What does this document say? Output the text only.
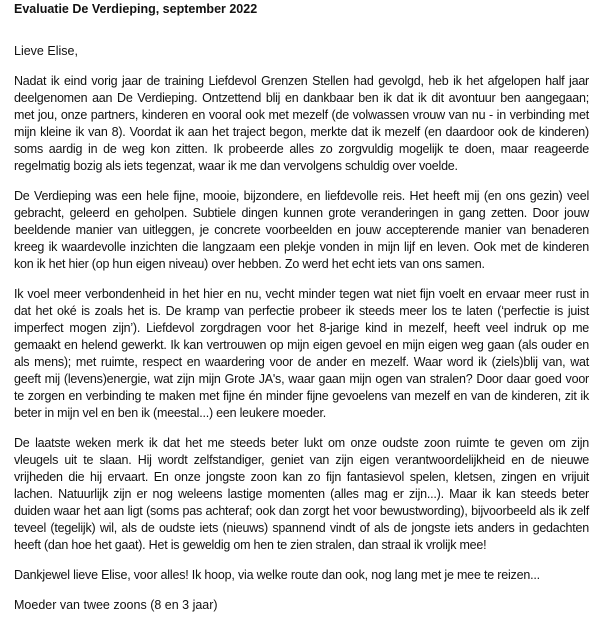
Evaluatie De Verdieping, september 2022
Lieve Elise,

Nadat ik eind vorig jaar de training Liefdevol Grenzen Stellen had gevolgd, heb ik het afgelopen half jaar deelgenomen aan De Verdieping. Ontzettend blij en dankbaar ben ik dat ik dit avontuur ben aangegaan; met jou, onze partners, kinderen en vooral ook met mezelf (de volwassen vrouw van nu - in verbinding met mijn kleine ik van 8). Voordat ik aan het traject begon, merkte dat ik mezelf (en daardoor ook de kinderen) soms aardig in de weg kon zitten. Ik probeerde alles zo zorgvuldig mogelijk te doen, maar reageerde regelmatig bozig als iets tegenzat, waar ik me dan vervolgens schuldig over voelde.

De Verdieping was een hele fijne, mooie, bijzondere, en liefdevolle reis. Het heeft mij (en ons gezin) veel gebracht, geleerd en geholpen. Subtiele dingen kunnen grote veranderingen in gang zetten. Door jouw beeldende manier van uitleggen, je concrete voorbeelden en jouw accepterende manier van benaderen kreeg ik waardevolle inzichten die langzaam een plekje vonden in mijn lijf en leven. Ook met de kinderen kon ik het hier (op hun eigen niveau) over hebben. Zo werd het echt iets van ons samen.

Ik voel meer verbondenheid in het hier en nu, vecht minder tegen wat niet fijn voelt en ervaar meer rust in dat het oké is zoals het is. De kramp van perfectie probeer ik steeds meer los te laten (‘perfectie is juist imperfect mogen zijn’). Liefdevol zorgdragen voor het 8-jarige kind in mezelf, heeft veel indruk op me gemaakt en helend gewerkt. Ik kan vertrouwen op mijn eigen gevoel en mijn eigen weg gaan (als ouder en als mens); met ruimte, respect en waardering voor de ander en mezelf. Waar word ik (ziels)blij van, wat geeft mij (levens)energie, wat zijn mijn Grote JA's, waar gaan mijn ogen van stralen? Door daar goed voor te zorgen en verbinding te maken met fijne én minder fijne gevoelens van mezelf en van de kinderen, zit ik beter in mijn vel en ben ik (meestal...) een leukere moeder.

De laatste weken merk ik dat het me steeds beter lukt om onze oudste zoon ruimte te geven om zijn vleugels uit te slaan. Hij wordt zelfstandiger, geniet van zijn eigen verantwoordelijkheid en de nieuwe vrijheden die hij ervaart. En onze jongste zoon kan zo fijn fantasievol spelen, kletsen, zingen en vrijuit lachen. Natuurlijk zijn er nog weleens lastige momenten (alles mag er zijn...). Maar ik kan steeds beter duiden waar het aan ligt (soms pas achteraf; ook dan zorgt het voor bewustwording), bijvoorbeeld als ik zelf teveel (tegelijk) wil, als de oudste iets (nieuws) spannend vindt of als de jongste iets anders in gedachten heeft (dan hoe het gaat). Het is geweldig om hen te zien stralen, dan straal ik vrolijk mee!

Dankjewel lieve Elise, voor alles! Ik hoop, via welke route dan ook, nog lang met je mee te reizen...

Moeder van twee zoons (8 en 3 jaar)
